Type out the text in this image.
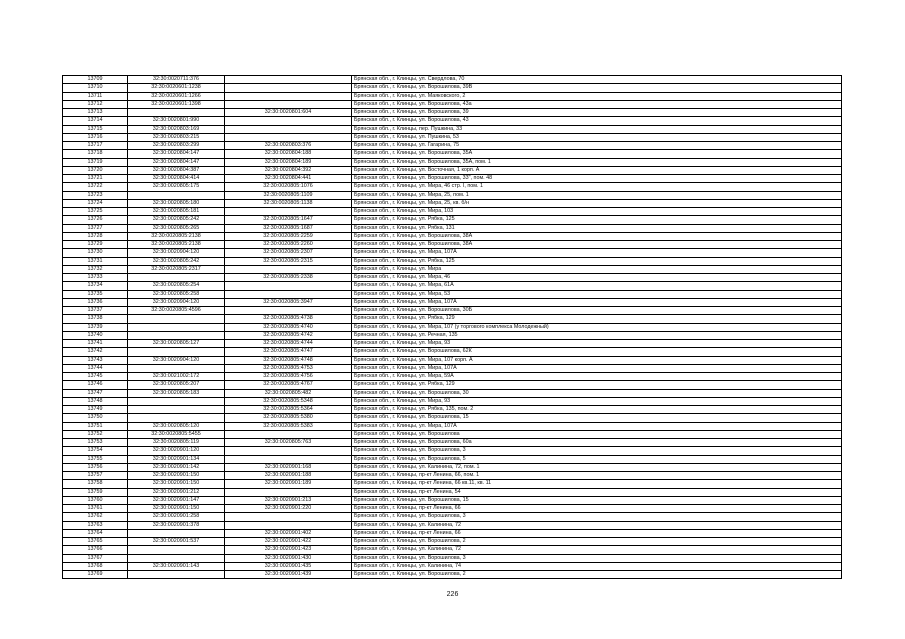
13709	32:30:0020711:376		Брянская обл., г. Клинцы, ул. Свердлова, 70
13710	32:30:0020601:1238		Брянская обл., г. Клинцы, ул. Ворошилова, 39В
13711	32:30:0020601:1266		Брянская обл., г. Клинцы, ул. Маяковского, 2
13712	32:30:0020601:1398		Брянская обл., г. Клинцы, ул. Ворошилова, 43а
13713		32:30:0020801:604	Брянская обл., г. Клинцы, ул. Ворошилова, 39
13714	32:30:0020801:990		Брянская обл., г. Клинцы, ул. Ворошилова, 43
13715	32:30:0020803:169		Брянская обл., г. Клинцы, пер. Пушкина, 33
13716	32:30:0020803:215		Брянская обл., г. Клинцы, ул. Пушкина, 53
13717	32:30:0020803:299	32:30:0020803:376	Брянская обл., г. Клинцы, ул. Гагарина, 75
13718	32:30:0020804:147	32:30:0020804:188	Брянская обл., г. Клинцы, ул. Ворошилова, 35А
13719	32:30:0020804:147	32:30:0020804:189	Брянская обл., г. Клинцы, ул. Ворошилова, 35А, пом. 1
13720	32:30:0020804:387	32:30:0020804:392	Брянская обл., г. Клинцы, ул. Восточная, 1 корп. А
13721	32:30:0020804:414	32:30:0020804:441	Брянская обл., г. Клинцы, ул. Ворошилова, 33", пом. 48
13722	32:30:0020805:175	32:30:0020805:1076	Брянская обл., г. Клинцы, ул. Мира, 46 стр. I, пом. 1
13723		32:30:0020805:1109	Брянская обл., г. Клинцы, ул. Мира, 25, пом. 1
13724	32:30:0020805:180	32:30:0020805:1138	Брянская обл., г. Клинцы, ул. Мира, 25, кв. б/н
13725	32:30:0020805:181		Брянская обл., г. Клинцы, ул. Мира, 103
13726	32:30:0020805:242	32:30:0020805:1647	Брянская обл., г. Клинцы, ул. Рябка, 125
13727	32:30:0020805:265	32:30:0020805:1687	Брянская обл., г. Клинцы, ул. Рябка, 131
13728	32:30:0020805:2138	32:30:0020805:2259	Брянская обл., г. Клинцы, ул. Ворошилова, 38А
13729	32:30:0020805:2138	32:30:0020805:2260	Брянская обл., г. Клинцы, ул. Ворошилова, 38А
13730	32:30:0020904:120	32:30:0020805:2307	Брянская обл., г. Клинцы, ул. Мира, 107А
13731	32:30:0020805:242	32:30:0020805:2315	Брянская обл., г. Клинцы, ул. Рябка, 125
13732	32:30:0020805:2317		Брянская обл., г. Клинцы, ул. Мира
13733		32:30:0020805:2338	Брянская обл., г. Клинцы, ул. Мира, 46
13734	32:30:0020805:254		Брянская обл., г. Клинцы, ул. Мира, 61А
13735	32:30:0020805:258		Брянская обл., г. Клинцы, ул. Мира, 53
13736	32:30:0020904:120	32:30:0020805:3947	Брянская обл., г. Клинцы, ул. Мира, 107А
13737	32:30:0020805:4596		Брянская обл., г. Клинцы, ул. Ворошилова, 30Б
13738		32:30:0020805:4738	Брянская обл., г. Клинцы, ул. Рябка, 129
13739		32:30:0020805:4740	Брянская обл., г. Клинцы, ул. Мира, 107 (у торгового комплекса Молодежный)
13740		32:30:0020805:4742	Брянская обл., г. Клинцы, ул. Речная, 135
13741	32:30:0020805:127	32:30:0020805:4744	Брянская обл., г. Клинцы, ул. Мира, 93
13742		32:30:0020805:4747	Брянская обл., г. Клинцы, ул. Ворошилова, 62К
13743	32:30:0020904:120	32:30:0020805:4748	Брянская обл., г. Клинцы, ул. Мира, 107 корп. А
13744		32:30:0020805:4753	Брянская обл., г. Клинцы, ул. Мира, 107А
13745	32:30:0021002:172	32:30:0020805:4756	Брянская обл., г. Клинцы, ул. Мира, 59А
13746	32:30:0020805:207	32:30:0020805:4767	Брянская обл., г. Клинцы, ул. Рябка, 129
13747	32:30:0020805:183	32:30:0020805:482	Брянская обл., г. Клинцы, ул. Ворошилова, 30
13748		32:30:0020805:5348	Брянская обл., г. Клинцы, ул. Мира, 93
13749		32:30:0020805:5364	Брянская обл., г. Клинцы, ул. Рябка, 135, пом. 2
13750		32:30:0020805:5380	Брянская обл., г. Клинцы, ул. Ворошилова, 15
13751	32:30:0020805:120	32:30:0020805:5383	Брянская обл., г. Клинцы, ул. Мира, 107А
13752	32:30:0020805:5455		Брянская обл., г. Клинцы, ул. Ворошилова
13753	32:30:0020805:119	32:30:0020805:763	Брянская обл., г. Клинцы, ул. Ворошилова, 60а
13754	32:30:0020901:120		Брянская обл., г. Клинцы, ул. Ворошилова, 3
13755	32:30:0020901:134		Брянская обл., г. Клинцы, ул. Ворошилова, 5
13756	32:30:0020901:142	32:30:0020901:168	Брянская обл., г. Клинцы, ул. Калинина, 72, пом. 1
13757	32:30:0020901:150	32:30:0020901:188	Брянская обл., г. Клинцы, пр-кт Ленина, 66, пом. 1
13758	32:30:0020901:150	32:30:0020901:189	Брянская обл., г. Клинцы, пр-кт Ленина, 66 кв.11, кв. 11
13759	32:30:0020901:212		Брянская обл., г. Клинцы, пр-кт Ленина, 54
13760	32:30:0020901:147	32:30:0020901:213	Брянская обл., г. Клинцы, ул. Ворошилова, 15
13761	32:30:0020901:150	32:30:0020901:220	Брянская обл., г. Клинцы, пр-кт Ленина, 66
13762	32:30:0020901:258		Брянская обл., г. Клинцы, ул. Ворошилова, 3
13763	32:30:0020901:378		Брянская обл., г. Клинцы, ул. Калинина, 72
13764		32:30:0020901:402	Брянская обл., г. Клинцы, пр-кт Ленина, 66
13765	32:30:0020901:537	32:30:0020901:422	Брянская обл., г. Клинцы, ул. Ворошилова, 2
13766		32:30:0020901:423	Брянская обл., г. Клинцы, ул. Калинина, 72
13767		32:30:0020901:430	Брянская обл., г. Клинцы, ул. Ворошилова, 3
13768	32:30:0020901:143	32:30:0020901:435	Брянская обл., г. Клинцы, ул. Калинина, 74
13769		32:30:0020901:439	Брянская обл., г. Клинцы, ул. Ворошилова, 2
226
